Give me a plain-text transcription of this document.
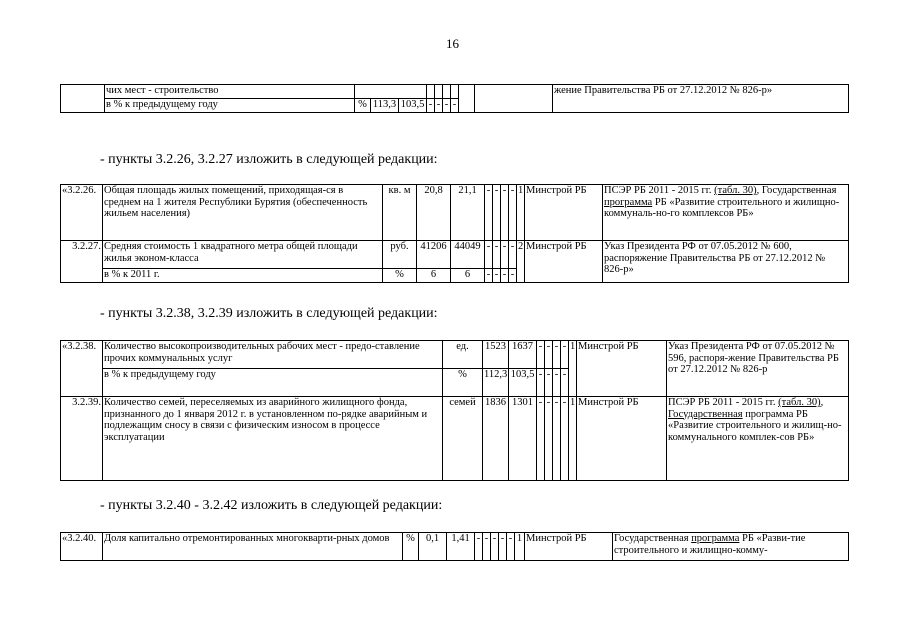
16
	чих мест - строительство										жение Правительства РБ от 27.12.2012 № 826-р»
	в % к предыдущему году	%	113,3	103,5	-	-	-	-			
- пункты 3.2.26, 3.2.27 изложить в следующей редакции:
«3.2.26.	Общая площадь жилых помещений, приходящая-ся в среднем на 1 жителя Республики Бурятия (обеспеченность жильем населения)	кв. м	20,8	21,1	-	-	-	-	1	Минстрой РБ	ПСЭР РБ 2011 - 2015 гг. (табл. 30), Государственная программа РБ «Развитие строительного и жилищно-коммуналь-но-го комплексов РБ»
3.2.27.	Средняя стоимость 1 квадратного метра общей площади жилья эконом-класса	руб.	41206	44049	-	-	-	-	2	Минстрой РБ	Указ Президента РФ от 07.05.2012 № 600, распоряжение Правительства РБ от 27.12.2012 № 826-р»
	в % к 2011 г.	%	6	6	-	-	-	-			
- пункты 3.2.38, 3.2.39 изложить в следующей редакции:
«3.2.38.	Количество высокопроизводительных рабочих мест - предо-ставление прочих коммунальных услуг	ед.	1523	1637	-	-	-	-	1	Минстрой РБ	Указ Президента РФ от 07.05.2012 № 596, распоря-жение Правительства РБ от 27.12.2012 № 826-р
	в % к предыдущему году	%	112,3	103,5	-	-	-	-			
3.2.39.	Количество семей, переселяемых из аварийного жилищного фонда, признанного до 1 января 2012 г. в установленном по-рядке аварийным и подлежащим сносу в связи с физическим износом в процессе эксплуатации	семей	1836	1301	-	-	-	-	1	Минстрой РБ	ПСЭР РБ 2011 - 2015 гг. (табл. 30), Государственная программа РБ «Развитие строительного и жилищ-но-коммунального комплек-сов РБ»
- пункты 3.2.40 - 3.2.42 изложить в следующей редакции:
«3.2.40.	Доля капитально отремонтированных многокварти-рных домов	%	0,1	1,41	-	-	-	-	-	1	Минстрой РБ	Государственная программа РБ «Разви-тие строительного и жилищно-комму-
